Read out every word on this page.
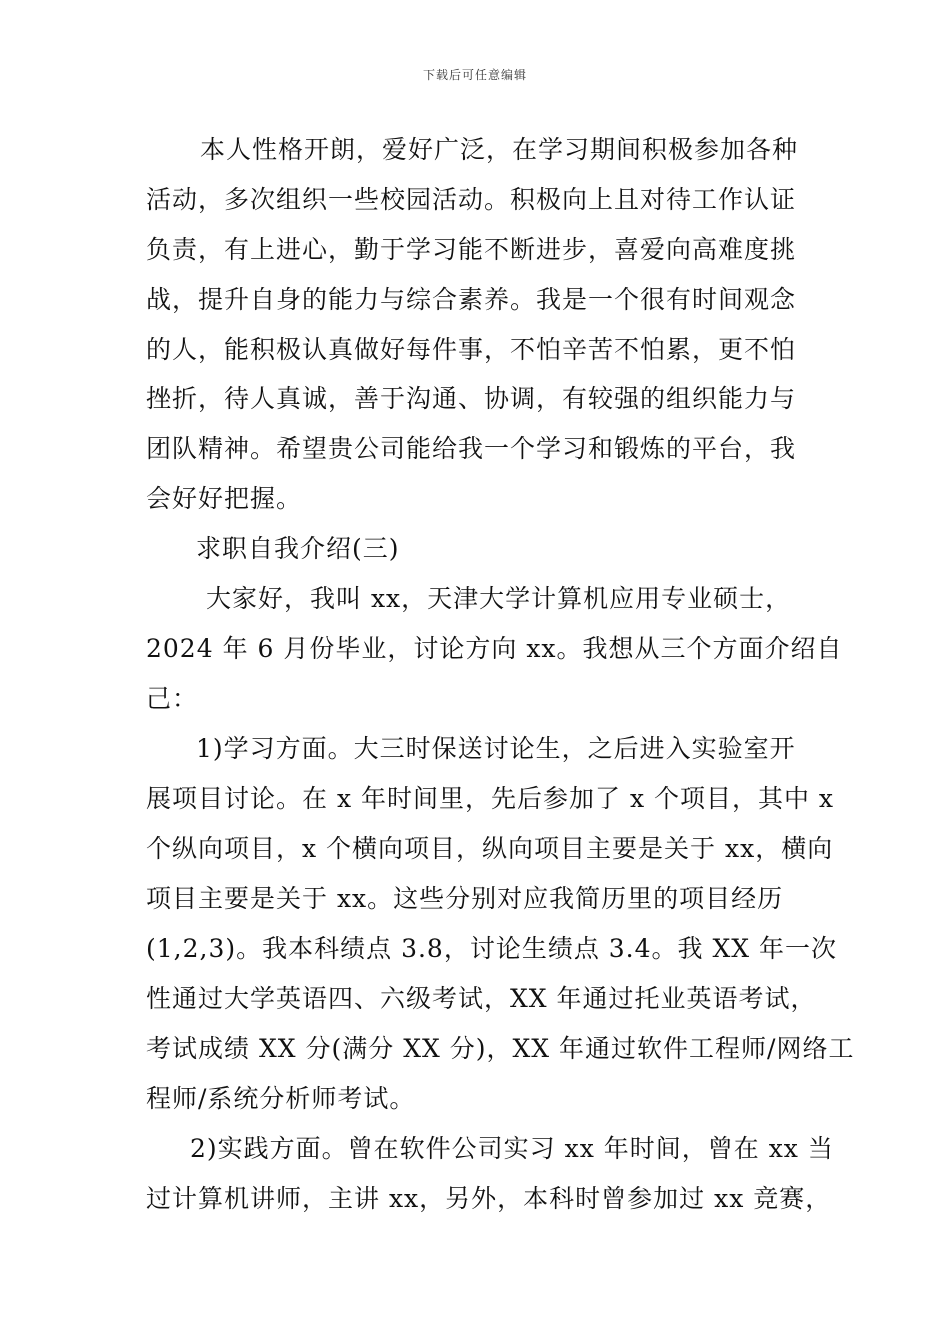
下载后可任意编辑
本人性格开朗，爱好广泛，在学习期间积极参加各种
活动，多次组织一些校园活动。积极向上且对待工作认证
负责，有上进心，勤于学习能不断进步，喜爱向高难度挑
战，提升自身的能力与综合素养。我是一个很有时间观念
的人，能积极认真做好每件事，不怕辛苦不怕累，更不怕
挫折，待人真诚，善于沟通、协调，有较强的组织能力与
团队精神。希望贵公司能给我一个学习和锻炼的平台，我
会好好把握。
求职自我介绍(三)
大家好，我叫 xx，天津大学计算机应用专业硕士，
2024 年 6 月份毕业，讨论方向 xx。我想从三个方面介绍自
己：
1)学习方面。大三时保送讨论生，之后进入实验室开
展项目讨论。在 x 年时间里，先后参加了 x 个项目，其中 x
个纵向项目，x 个横向项目，纵向项目主要是关于 xx，横向
项目主要是关于 xx。这些分别对应我简历里的项目经历
(1,2,3)。我本科绩点 3.8，讨论生绩点 3.4。我 XX 年一次
性通过大学英语四、六级考试，XX 年通过托业英语考试，
考试成绩 XX 分(满分 XX 分)，XX 年通过软件工程师/网络工
程师/系统分析师考试。
2)实践方面。曾在软件公司实习 xx 年时间，曾在 xx 当
过计算机讲师，主讲 xx，另外，本科时曾参加过 xx 竞赛，
